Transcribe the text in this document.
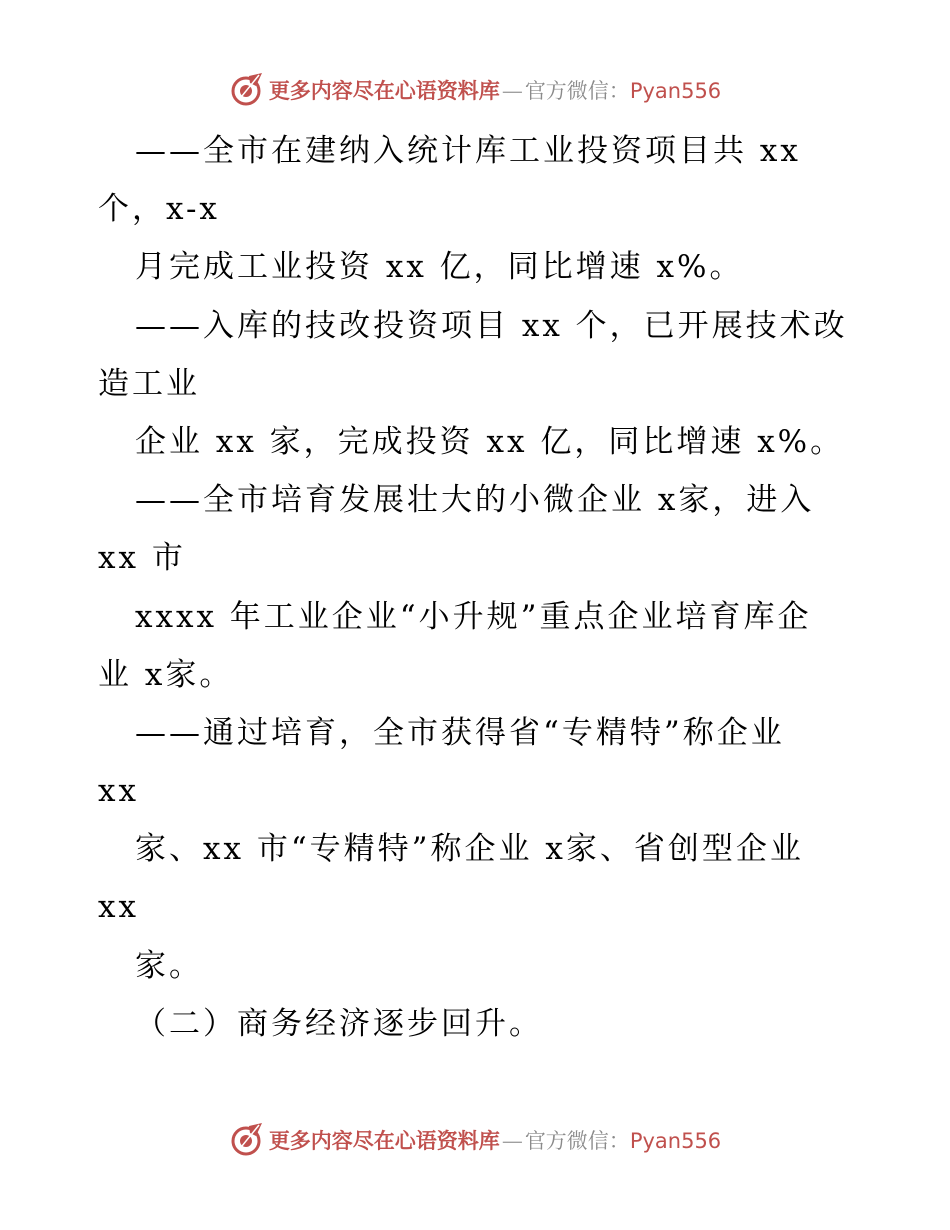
更多内容尽在心语资料库—官方微信：Pyan556
——全市在建纳入统计库工业投资项目共 xx
个，x-x
月完成工业投资 xx 亿，同比增速 x%。
——入库的技改投资项目 xx 个，已开展技术改
造工业
企业 xx 家，完成投资 xx 亿，同比增速 x%。
——全市培育发展壮大的小微企业 x家，进入
xx 市
xxxx 年工业企业“小升规”重点企业培育库企
业 x家。
——通过培育，全市获得省“专精特”称企业
xx
家、xx 市“专精特”称企业 x家、省创型企业
xx
家。
（二）商务经济逐步回升。
更多内容尽在心语资料库—官方微信：Pyan556
